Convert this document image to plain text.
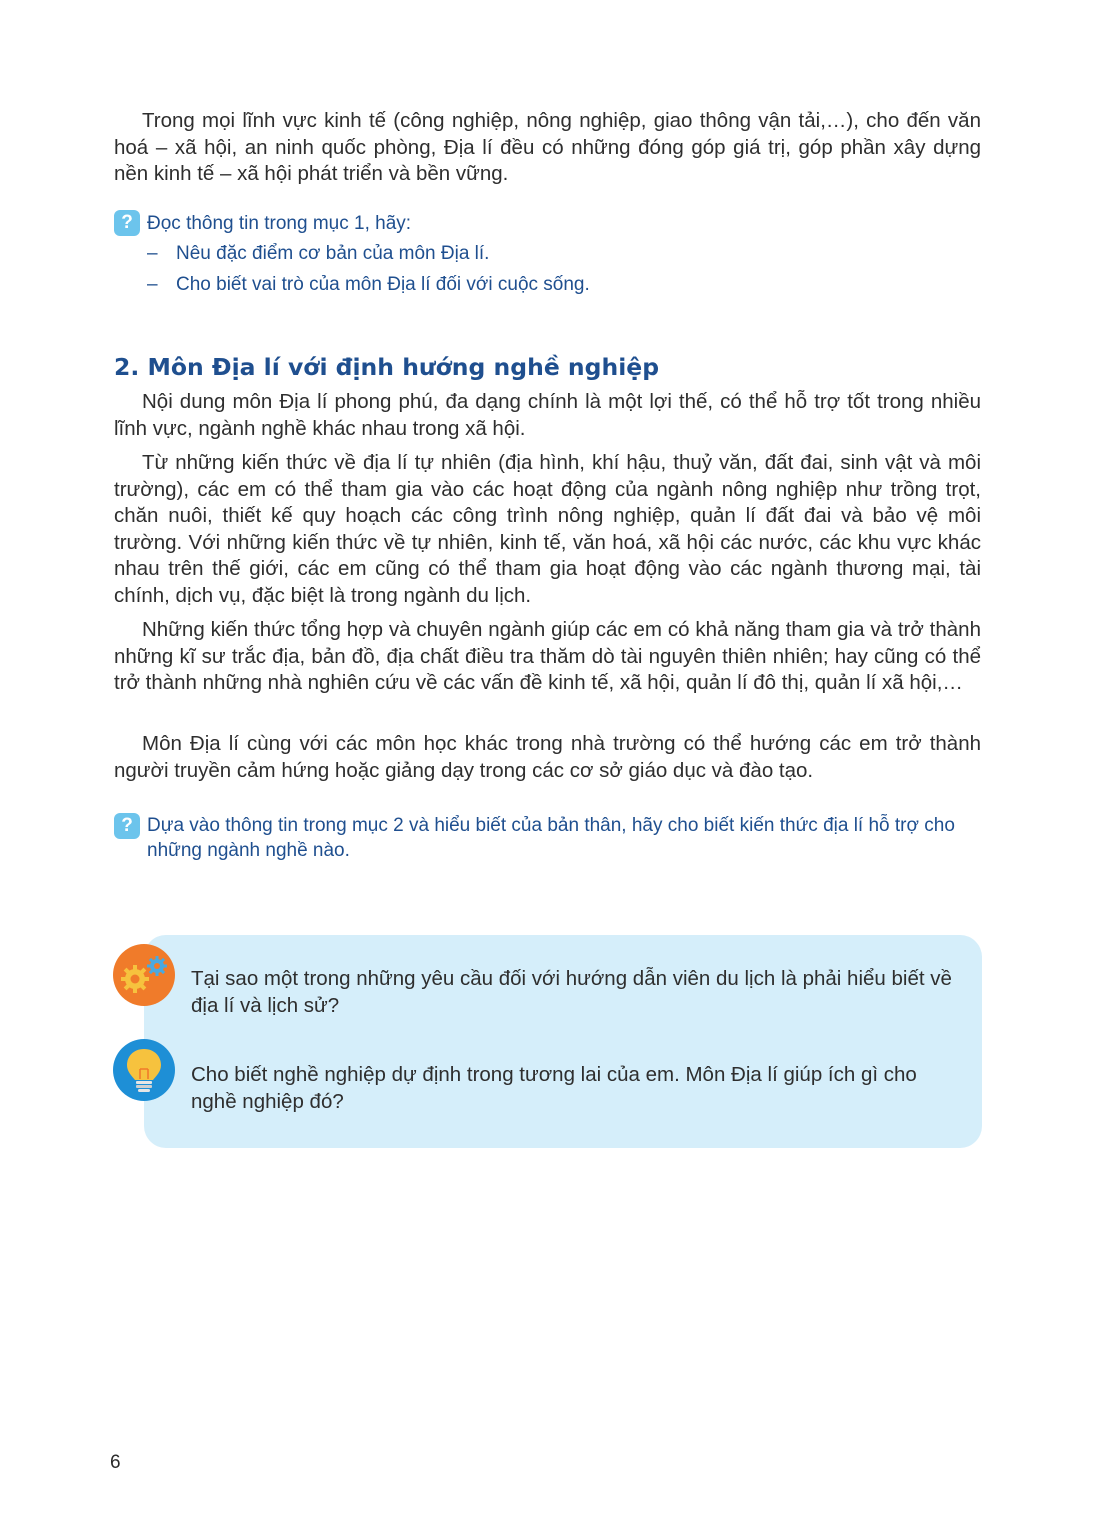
Trong mọi lĩnh vực kinh tế (công nghiệp, nông nghiệp, giao thông vận tải,…), cho đến văn hoá – xã hội, an ninh quốc phòng, Địa lí đều có những đóng góp giá trị, góp phần xây dựng nền kinh tế – xã hội phát triển và bền vững.

? Đọc thông tin trong mục 1, hãy:
– Nêu đặc điểm cơ bản của môn Địa lí.
– Cho biết vai trò của môn Địa lí đối với cuộc sống.
2. Môn Địa lí với định hướng nghề nghiệp

Nội dung môn Địa lí phong phú, đa dạng chính là một lợi thế, có thể hỗ trợ tốt trong nhiều lĩnh vực, ngành nghề khác nhau trong xã hội.

Từ những kiến thức về địa lí tự nhiên (địa hình, khí hậu, thuỷ văn, đất đai, sinh vật và môi trường), các em có thể tham gia vào các hoạt động của ngành nông nghiệp như trồng trọt, chăn nuôi, thiết kế quy hoạch các công trình nông nghiệp, quản lí đất đai và bảo vệ môi trường. Với những kiến thức về tự nhiên, kinh tế, văn hoá, xã hội các nước, các khu vực khác nhau trên thế giới, các em cũng có thể tham gia hoạt động vào các ngành thương mại, tài chính, dịch vụ, đặc biệt là trong ngành du lịch.

Những kiến thức tổng hợp và chuyên ngành giúp các em có khả năng tham gia và trở thành những kĩ sư trắc địa, bản đồ, địa chất điều tra thăm dò tài nguyên thiên nhiên; hay cũng có thể trở thành những nhà nghiên cứu về các vấn đề kinh tế, xã hội, quản lí đô thị, quản lí xã hội,…

Môn Địa lí cùng với các môn học khác trong nhà trường có thể hướng các em trở thành người truyền cảm hứng hoặc giảng dạy trong các cơ sở giáo dục và đào tạo.

? Dựa vào thông tin trong mục 2 và hiểu biết của bản thân, hãy cho biết kiến thức địa lí hỗ trợ cho những ngành nghề nào.
Tại sao một trong những yêu cầu đối với hướng dẫn viên du lịch là phải hiểu biết về địa lí và lịch sử?
Cho biết nghề nghiệp dự định trong tương lai của em. Môn Địa lí giúp ích gì cho nghề nghiệp đó?
6
